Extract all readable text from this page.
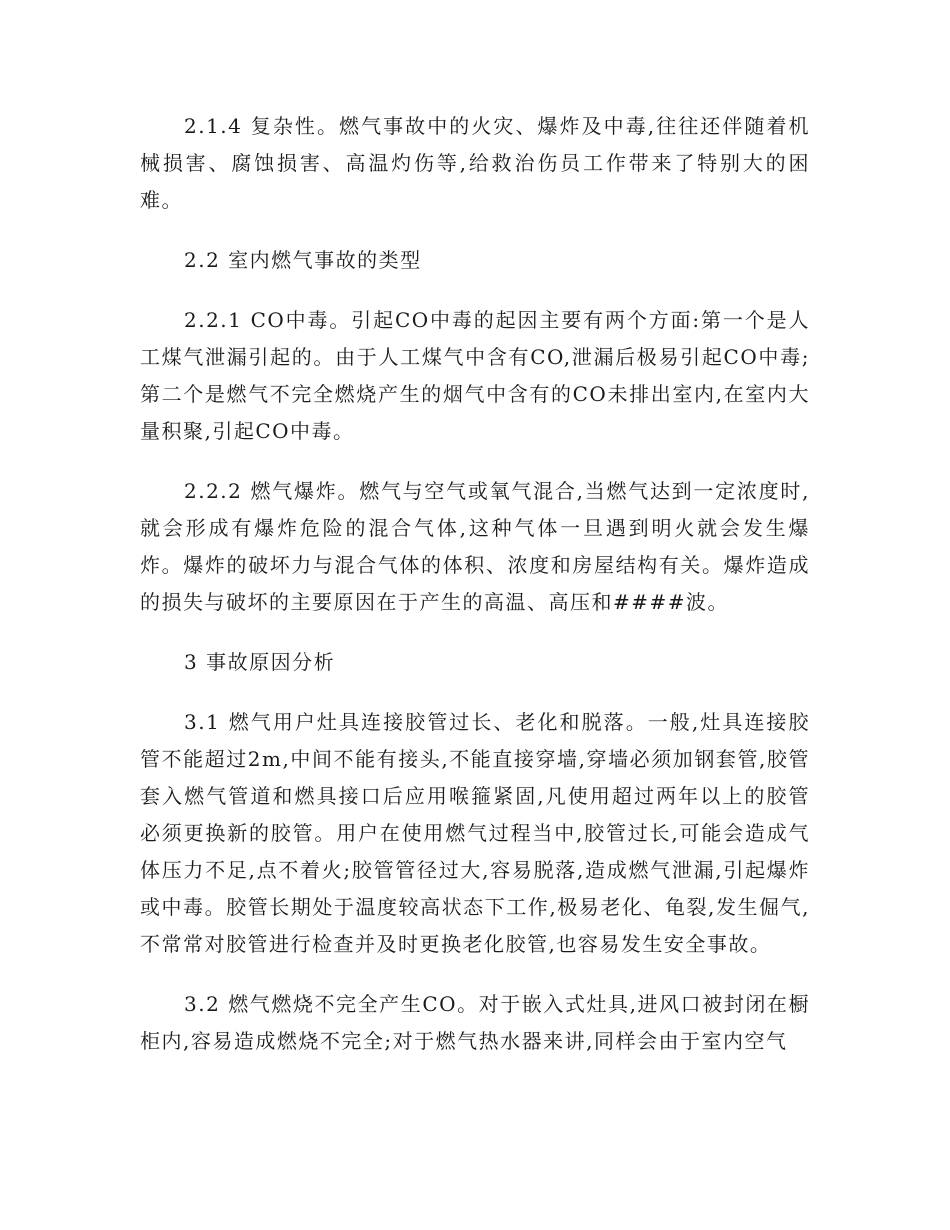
2.1.4 复杂性。燃气事故中的火灾、爆炸及中毒,往往还伴随着机械损害、腐蚀损害、高温灼伤等,给救治伤员工作带来了特别大的困难。

2.2 室内燃气事故的类型

2.2.1 CO中毒。引起CO中毒的起因主要有两个方面:第一个是人工煤气泄漏引起的。由于人工煤气中含有CO,泄漏后极易引起CO中毒;第二个是燃气不完全燃烧产生的烟气中含有的CO未排出室内,在室内大量积聚,引起CO中毒。

2.2.2 燃气爆炸。燃气与空气或氧气混合,当燃气达到一定浓度时,就会形成有爆炸危险的混合气体,这种气体一旦遇到明火就会发生爆炸。爆炸的破坏力与混合气体的体积、浓度和房屋结构有关。爆炸造成的损失与破坏的主要原因在于产生的高温、高压和####波。

3 事故原因分析

3.1 燃气用户灶具连接胶管过长、老化和脱落。一般,灶具连接胶管不能超过2m,中间不能有接头,不能直接穿墙,穿墙必须加钢套管,胶管套入燃气管道和燃具接口后应用喉箍紧固,凡使用超过两年以上的胶管必须更换新的胶管。用户在使用燃气过程当中,胶管过长,可能会造成气体压力不足,点不着火;胶管管径过大,容易脱落,造成燃气泄漏,引起爆炸或中毒。胶管长期处于温度较高状态下工作,极易老化、龟裂,发生倔气,不常常对胶管进行检查并及时更换老化胶管,也容易发生安全事故。

3.2 燃气燃烧不完全产生CO。对于嵌入式灶具,进风口被封闭在橱柜内,容易造成燃烧不完全;对于燃气热水器来讲,同样会由于室内空气
